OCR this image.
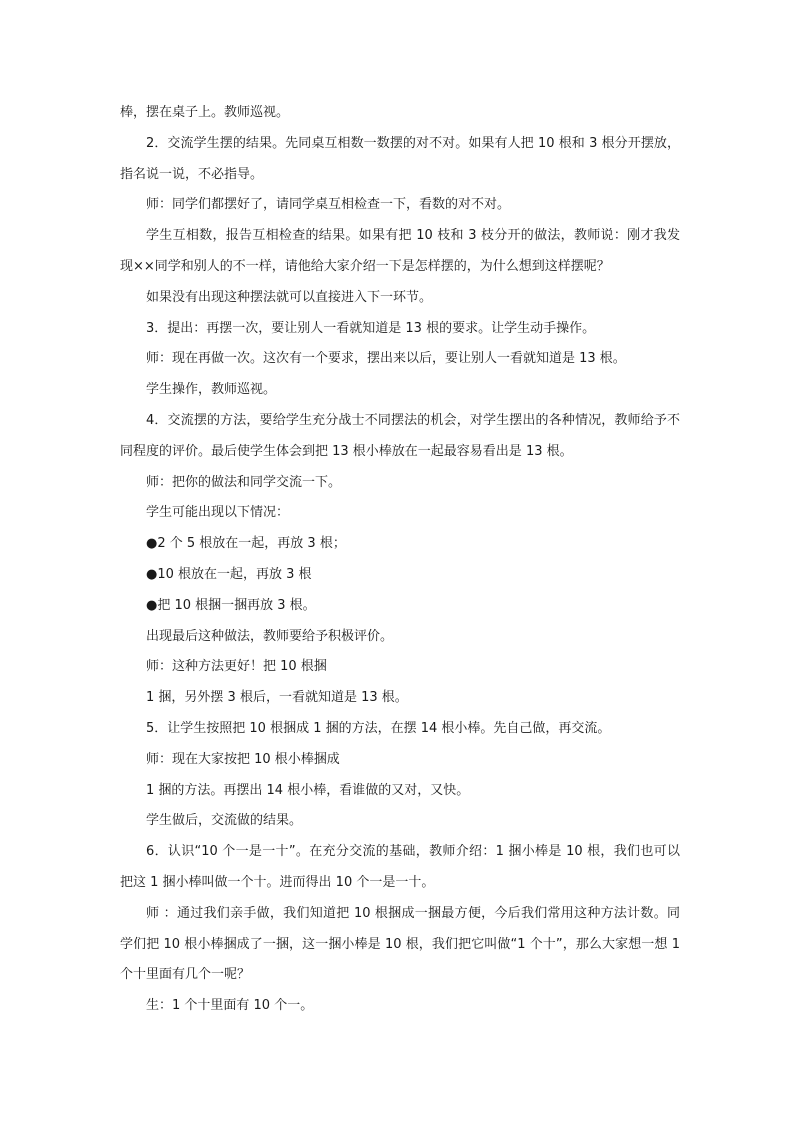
棒，摆在桌子上。教师巡视。

2．交流学生摆的结果。先同桌互相数一数摆的对不对。如果有人把 10 根和 3 根分开摆放，指名说一说，不必指导。

师：同学们都摆好了，请同学桌互相检查一下，看数的对不对。

学生互相数，报告互相检查的结果。如果有把 10 枝和 3 枝分开的做法，教师说：刚才我发现××同学和别人的不一样，请他给大家介绍一下是怎样摆的，为什么想到这样摆呢？

如果没有出现这种摆法就可以直接进入下一环节。

3．提出：再摆一次，要让别人一看就知道是 13 根的要求。让学生动手操作。

师：现在再做一次。这次有一个要求，摆出来以后，要让别人一看就知道是 13 根。

学生操作，教师巡视。

4．交流摆的方法，要给学生充分战士不同摆法的机会，对学生摆出的各种情况，教师给予不同程度的评价。最后使学生体会到把 13 根小棒放在一起最容易看出是 13 根。

师：把你的做法和同学交流一下。

学生可能出现以下情况：

●2 个 5 根放在一起，再放 3 根；

●10 根放在一起，再放 3 根

●把 10 根捆一捆再放 3 根。

出现最后这种做法，教师要给予积极评价。

师：这种方法更好！把 10 根捆

1 捆，另外摆 3 根后，一看就知道是 13 根。

5．让学生按照把 10 根捆成 1 捆的方法，在摆 14 根小棒。先自己做，再交流。

师：现在大家按把 10 根小棒捆成

1 捆的方法。再摆出 14 根小棒，看谁做的又对，又快。

学生做后，交流做的结果。

6．认识“10 个一是一十”。在充分交流的基础，教师介绍：1 捆小棒是 10 根，我们也可以把这 1 捆小棒叫做一个十。进而得出 10 个一是一十。

师 ：通过我们亲手做，我们知道把 10 根捆成一捆最方便，今后我们常用这种方法计数。同学们把 10 根小棒捆成了一捆，这一捆小棒是 10 根，我们把它叫做“1 个十”，那么大家想一想 1 个十里面有几个一呢？

生：1 个十里面有 10 个一。
